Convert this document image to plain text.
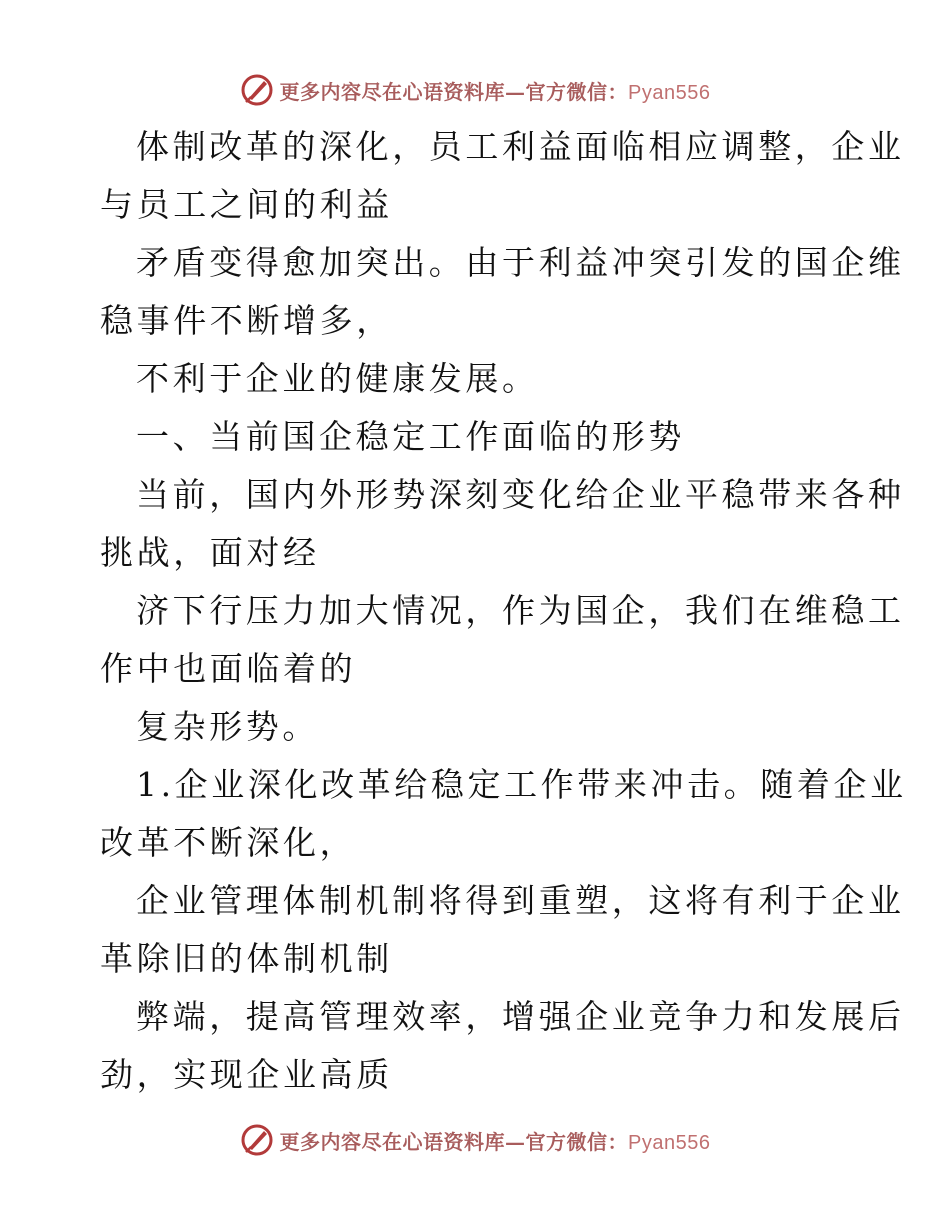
更多内容尽在心语资料库—官方微信：Pyan556
体制改革的深化，员工利益面临相应调整，企业
与员工之间的利益
矛盾变得愈加突出。由于利益冲突引发的国企维
稳事件不断增多，
不利于企业的健康发展。
一、当前国企稳定工作面临的形势
当前，国内外形势深刻变化给企业平稳带来各种
挑战，面对经
济下行压力加大情况，作为国企，我们在维稳工
作中也面临着的
复杂形势。
1.企业深化改革给稳定工作带来冲击。随着企业
改革不断深化，
企业管理体制机制将得到重塑，这将有利于企业
革除旧的体制机制
弊端，提高管理效率，增强企业竞争力和发展后
劲，实现企业高质
更多内容尽在心语资料库—官方微信：Pyan556
